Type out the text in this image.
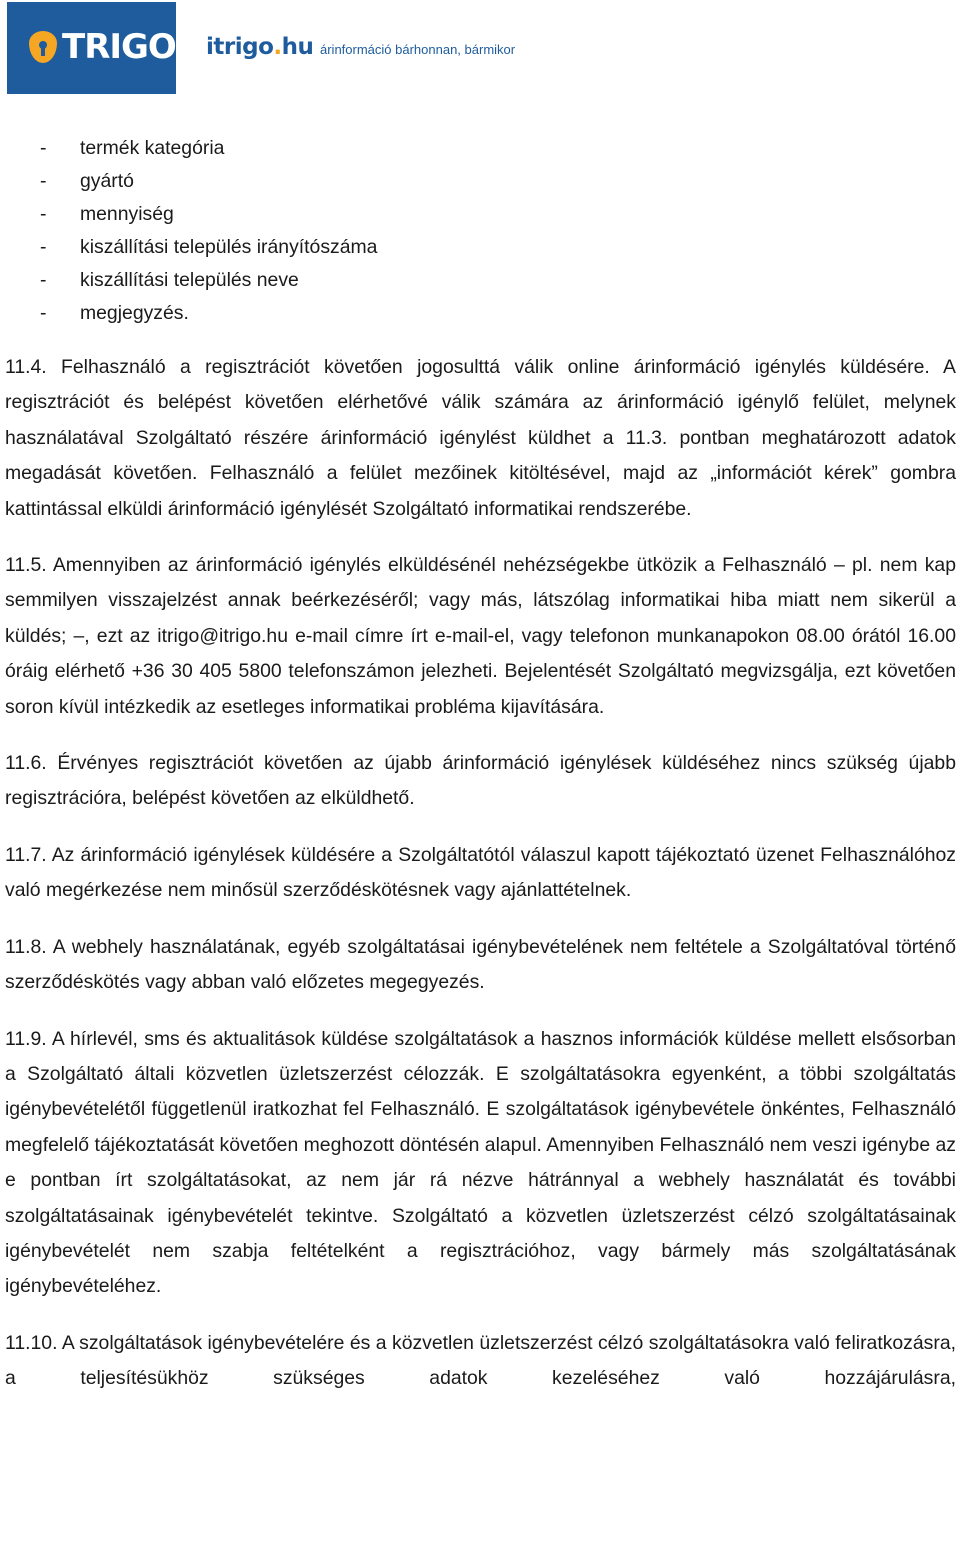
TRIGO itrigo.hu árinformáció bárhonnan, bármikor
- termék kategória
- gyártó
- mennyiség
- kiszállítási település irányítószáma
- kiszállítási település neve
- megjegyzés.

11.4. Felhasználó a regisztrációt követően jogosulttá válik online árinformáció igénylés küldésére. A regisztrációt és belépést követően elérhetővé válik számára az árinformáció igénylő felület, melynek használatával Szolgáltató részére árinformáció igénylést küldhet a 11.3. pontban meghatározott adatok megadását követően. Felhasználó a felület mezőinek kitöltésével, majd az „információt kérek” gombra kattintással elküldi árinformáció igénylését Szolgáltató informatikai rendszerébe.

11.5. Amennyiben az árinformáció igénylés elküldésénél nehézségekbe ütközik a Felhasználó – pl. nem kap semmilyen visszajelzést annak beérkezéséről; vagy más, látszólag informatikai hiba miatt nem sikerül a küldés; –, ezt az itrigo@itrigo.hu e-mail címre írt e-mail-el, vagy telefonon munkanapokon 08.00 órától 16.00 óráig elérhető +36 30 405 5800 telefonszámon jelezheti. Bejelentését Szolgáltató megvizsgálja, ezt követően soron kívül intézkedik az esetleges informatikai probléma kijavítására.

11.6. Érvényes regisztrációt követően az újabb árinformáció igénylések küldéséhez nincs szükség újabb regisztrációra, belépést követően az elküldhető.

11.7. Az árinformáció igénylések küldésére a Szolgáltatótól válaszul kapott tájékoztató üzenet Felhasználóhoz való megérkezése nem minősül szerződéskötésnek vagy ajánlattételnek.

11.8. A webhely használatának, egyéb szolgáltatásai igénybevételének nem feltétele a Szolgáltatóval történő szerződéskötés vagy abban való előzetes megegyezés.

11.9. A hírlevél, sms és aktualitások küldése szolgáltatások a hasznos információk küldése mellett elsősorban a Szolgáltató általi közvetlen üzletszerzést célozzák. E szolgáltatásokra egyenként, a többi szolgáltatás igénybevételétől függetlenül iratkozhat fel Felhasználó. E szolgáltatások igénybevétele önkéntes, Felhasználó megfelelő tájékoztatását követően meghozott döntésén alapul. Amennyiben Felhasználó nem veszi igénybe az e pontban írt szolgáltatásokat, az nem jár rá nézve hátránnyal a webhely használatát és további szolgáltatásainak igénybevételét tekintve. Szolgáltató a közvetlen üzletszerzést célzó szolgáltatásainak igénybevételét nem szabja feltételként a regisztrációhoz, vagy bármely más szolgáltatásának igénybevételéhez.

11.10. A szolgáltatások igénybevételére és a közvetlen üzletszerzést célzó szolgáltatásokra való feliratkozásra, a teljesítésükhöz szükséges adatok kezeléséhez való hozzájárulásra,
